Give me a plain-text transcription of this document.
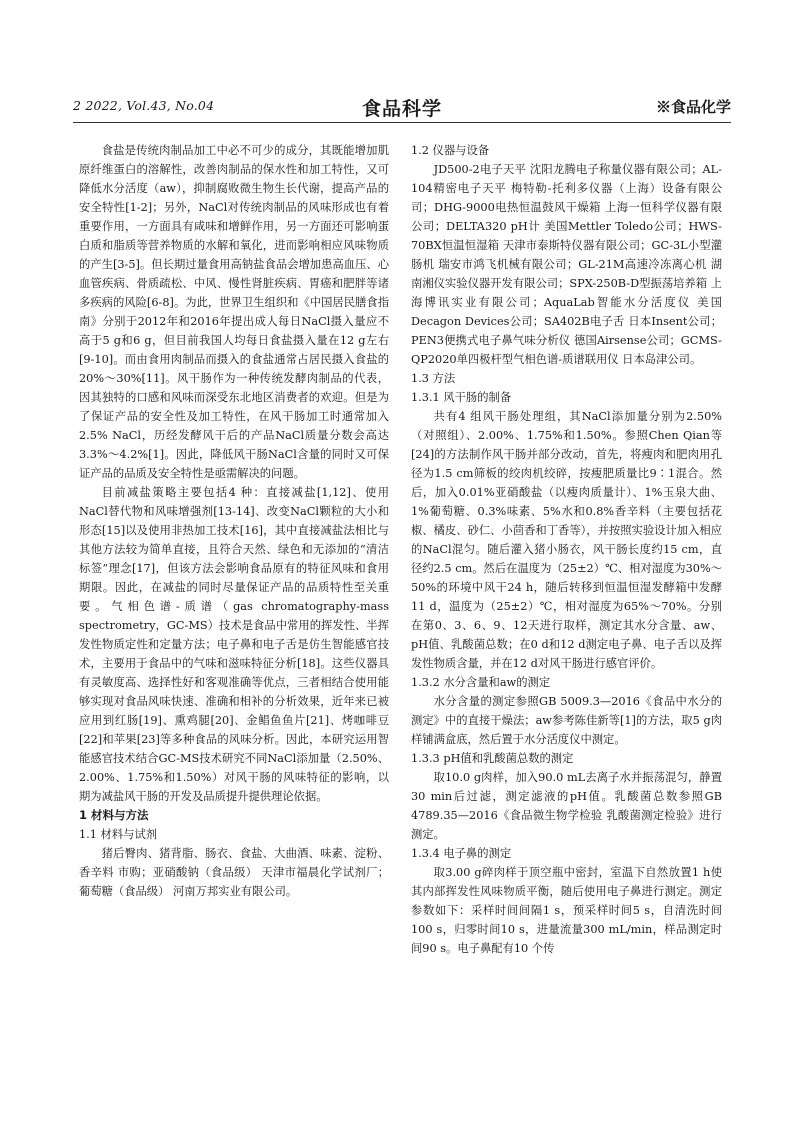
2 2022, Vol.43, No.04	食品科学	※食品化学

食盐是传统肉制品加工中必不可少的成分，其既能增加肌原纤维蛋白的溶解性，改善肉制品的保水性和加工特性，又可降低水分活度（aw），抑制腐败微生物生长代谢，提高产品的安全特性[1-2]；另外，NaCl对传统肉制品的风味形成也有着重要作用，一方面具有咸味和增鲜作用，另一方面还可影响蛋白质和脂质等营养物质的水解和氧化，进而影响相应风味物质的产生[3-5]。但长期过量食用高钠盐食品会增加患高血压、心血管疾病、骨质疏松、中风、慢性肾脏疾病、胃癌和肥胖等诸多疾病的风险[6-8]。为此，世界卫生组织和《中国居民膳食指南》分别于2012年和2016年提出成人每日NaCl摄入量应不高于5 g和6 g，但目前我国人均每日食盐摄入量在12 g左右[9-10]。而由食用肉制品而摄入的食盐通常占居民摄入食盐的20%～30%[11]。风干肠作为一种传统发酵肉制品的代表，因其独特的口感和风味而深受东北地区消费者的欢迎。但是为了保证产品的安全性及加工特性，在风干肠加工时通常加入2.5% NaCl，历经发酵风干后的产品NaCl质量分数会高达3.3%～4.2%[1]。因此，降低风干肠NaCl含量的同时又可保证产品的品质及安全特性是亟需解决的问题。

目前减盐策略主要包括4 种：直接减盐[1,12]、使用NaCl替代物和风味增强剂[13-14]、改变NaCl颗粒的大小和形态[15]以及使用非热加工技术[16]，其中直接减盐法相比与其他方法较为简单直接，且符合天然、绿色和无添加的“清洁标签”理念[17]，但该方法会影响食品原有的特征风味和食用期限。因此，在减盐的同时尽量保证产品的品质特性至关重要。气相色谱-质谱（gas chromatography-mass spectrometry，GC-MS）技术是食品中常用的挥发性、半挥发性物质定性和定量方法；电子鼻和电子舌是仿生智能感官技术，主要用于食品中的气味和滋味特征分析[18]。这些仪器具有灵敏度高、选择性好和客观准确等优点，三者相结合使用能够实现对食品风味快速、准确和相补的分析效果，近年来已被应用到红肠[19]、熏鸡腿[20]、金鲳鱼鱼片[21]、烤咖啡豆[22]和苹果[23]等多种食品的风味分析。因此，本研究运用智能感官技术结合GC-MS技术研究不同NaCl添加量（2.50%、2.00%、1.75%和1.50%）对风干肠的风味特征的影响，以期为减盐风干肠的开发及品质提升提供理论依据。

1 材料与方法

1.1 材料与试剂

猪后臀肉、猪背脂、肠衣、食盐、大曲酒、味素、淀粉、香辛料 市购；亚硝酸钠（食品级） 天津市福晨化学试剂厂；葡萄糖（食品级） 河南万邦实业有限公司。

1.2 仪器与设备

JD500-2电子天平 沈阳龙腾电子称量仪器有限公司；AL-104精密电子天平 梅特勒-托利多仪器（上海）设备有限公司；DHG-9000电热恒温鼓风干燥箱 上海一恒科学仪器有限公司；DELTA320 pH计 美国Mettler Toledo公司；HWS-70BX恒温恒湿箱 天津市泰斯特仪器有限公司；GC-3L小型灌肠机 瑞安市鸿飞机械有限公司；GL-21M高速冷冻离心机 湖南湘仪实验仪器开发有限公司；SPX-250B-D型振荡培养箱 上海博讯实业有限公司；AquaLab智能水分活度仪 美国Decagon Devices公司；SA402B电子舌 日本Insent公司；PEN3便携式电子鼻气味分析仪 德国Airsense公司；GCMS-QP2020单四极杆型气相色谱-质谱联用仪 日本岛津公司。

1.3 方法

1.3.1 风干肠的制备

共有4 组风干肠处理组，其NaCl添加量分别为2.50%（对照组）、2.00%、1.75%和1.50%。参照Chen Qian等[24]的方法制作风干肠并部分改动，首先，将瘦肉和肥肉用孔径为1.5 cm筛板的绞肉机绞碎，按瘦肥质量比9∶1混合。然后，加入0.01%亚硝酸盐（以瘦肉质量计）、1%玉泉大曲、1%葡萄糖、0.3%味素、5%水和0.8%香辛料（主要包括花椒、橘皮、砂仁、小茴香和丁香等），并按照实验设计加入相应的NaCl混匀。随后灌入猪小肠衣，风干肠长度约15 cm，直径约2.5 cm。然后在温度为（25±2）℃、相对湿度为30%～50%的环境中风干24 h，随后转移到恒温恒湿发酵箱中发酵11 d，温度为（25±2）℃，相对湿度为65%～70%。分别在第0、3、6、9、12天进行取样，测定其水分含量、aw、pH值、乳酸菌总数；在0 d和12 d测定电子鼻、电子舌以及挥发性物质含量，并在12 d对风干肠进行感官评价。

1.3.2 水分含量和aw的测定

水分含量的测定参照GB 5009.3—2016《食品中水分的测定》中的直接干燥法；aw参考陈佳新等[1]的方法，取5 g肉样铺满盒底，然后置于水分活度仪中测定。

1.3.3 pH值和乳酸菌总数的测定

取10.0 g肉样，加入90.0 mL去离子水并振荡混匀，静置30 min后过滤，测定滤液的pH值。乳酸菌总数参照GB 4789.35—2016《食品微生物学检验 乳酸菌测定检验》进行测定。

1.3.4 电子鼻的测定

取3.00 g碎肉样于顶空瓶中密封，室温下自然放置1 h使其内部挥发性风味物质平衡，随后使用电子鼻进行测定。测定参数如下：采样时间间隔1 s，预采样时间5 s，自清洗时间100 s，归零时间10 s，进量流量300 mL/min，样品测定时间90 s。电子鼻配有10 个传
